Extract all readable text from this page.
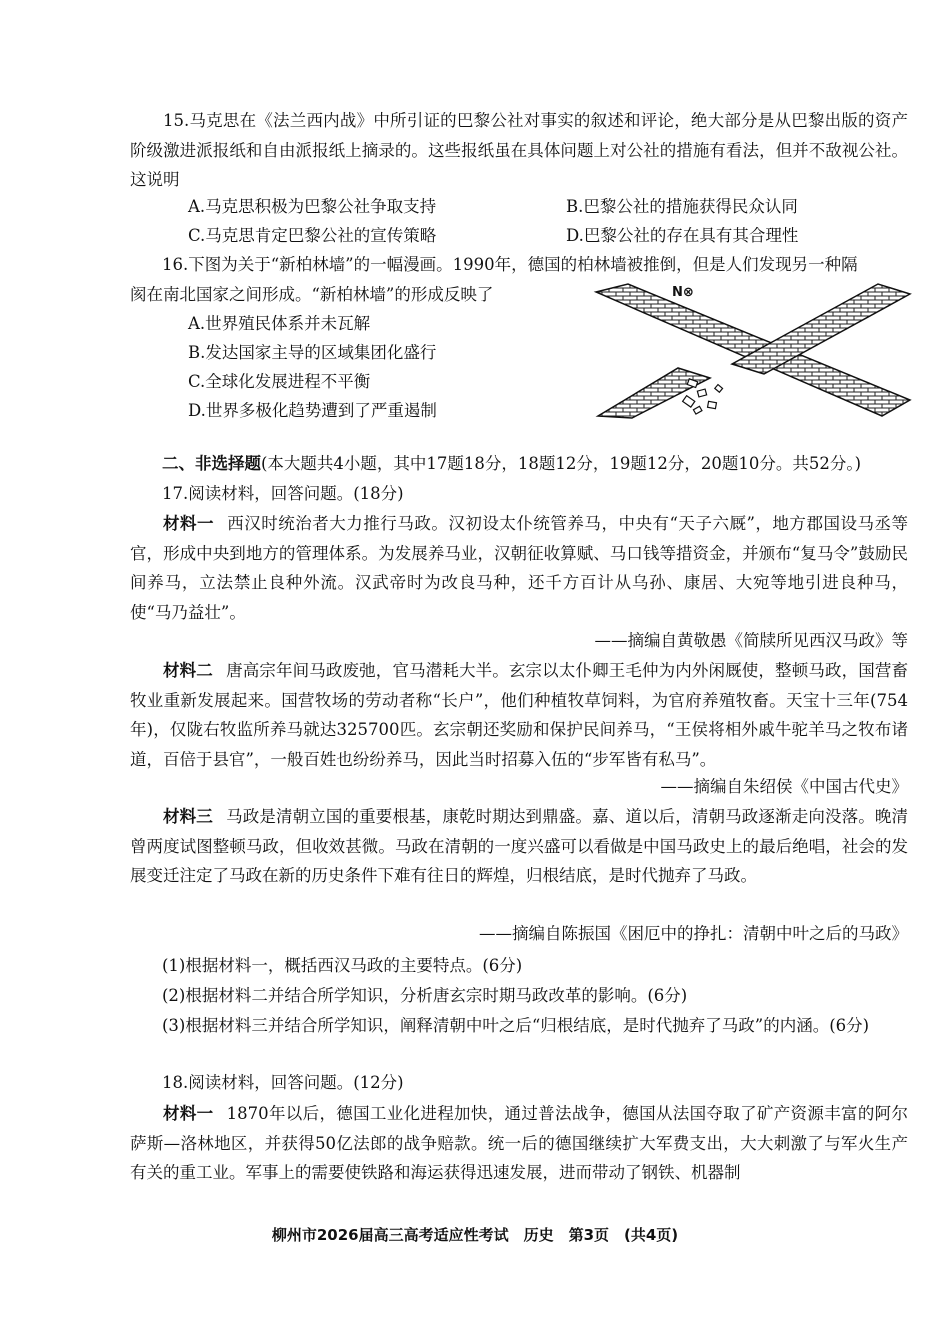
15.马克思在《法兰西内战》中所引证的巴黎公社对事实的叙述和评论，绝大部分是从巴黎出版的资产阶级激进派报纸和自由派报纸上摘录的。这些报纸虽在具体问题上对公社的措施有看法，但并不敌视公社。这说明
A.马克思积极为巴黎公社争取支持	B.巴黎公社的措施获得民众认同
C.马克思肯定巴黎公社的宣传策略	D.巴黎公社的存在具有其合理性
16.下图为关于“新柏林墙”的一幅漫画。1990年，德国的柏林墙被推倒，但是人们发现另一种隔
阂在南北国家之间形成。“新柏林墙”的形成反映了
A.世界殖民体系并未瓦解
B.发达国家主导的区域集团化盛行
C.全球化发展进程不平衡
D.世界多极化趋势遭到了严重遏制
N⊗
二、非选择题(本大题共4小题，其中17题18分，18题12分，19题12分，20题10分。共52分。)
17.阅读材料，回答问题。(18分)
材料一 西汉时统治者大力推行马政。汉初设太仆统管养马，中央有“天子六厩”，地方郡国设马丞等官，形成中央到地方的管理体系。为发展养马业，汉朝征收算赋、马口钱等措资金，并颁布“复马令”鼓励民间养马，立法禁止良种外流。汉武帝时为改良马种，还千方百计从乌孙、康居、大宛等地引进良种马，使“马乃益壮”。
——摘编自黄敬愚《简牍所见西汉马政》等
材料二 唐高宗年间马政废弛，官马潜耗大半。玄宗以太仆卿王毛仲为内外闲厩使，整顿马政，国营畜牧业重新发展起来。国营牧场的劳动者称“长户”，他们种植牧草饲料，为官府养殖牧畜。天宝十三年(754年)，仅陇右牧监所养马就达325700匹。玄宗朝还奖励和保护民间养马，“王侯将相外戚牛驼羊马之牧布诸道，百倍于县官”，一般百姓也纷纷养马，因此当时招募入伍的“步军皆有私马”。
——摘编自朱绍侯《中国古代史》
材料三 马政是清朝立国的重要根基，康乾时期达到鼎盛。嘉、道以后，清朝马政逐渐走向没落。晚清曾两度试图整顿马政，但收效甚微。马政在清朝的一度兴盛可以看做是中国马政史上的最后绝唱，社会的发展变迁注定了马政在新的历史条件下难有往日的辉煌，归根结底，是时代抛弃了马政。
——摘编自陈振国《困厄中的挣扎：清朝中叶之后的马政》
(1)根据材料一，概括西汉马政的主要特点。(6分)
(2)根据材料二并结合所学知识，分析唐玄宗时期马政改革的影响。(6分)
(3)根据材料三并结合所学知识，阐释清朝中叶之后“归根结底，是时代抛弃了马政”的内涵。(6分)
18.阅读材料，回答问题。(12分)
材料一 1870年以后，德国工业化进程加快，通过普法战争，德国从法国夺取了矿产资源丰富的阿尔萨斯—洛林地区，并获得50亿法郎的战争赔款。统一后的德国继续扩大军费支出，大大刺激了与军火生产有关的重工业。军事上的需要使铁路和海运获得迅速发展，进而带动了钢铁、机器制
柳州市2026届高三高考适应性考试　历史　第3页　(共4页)
